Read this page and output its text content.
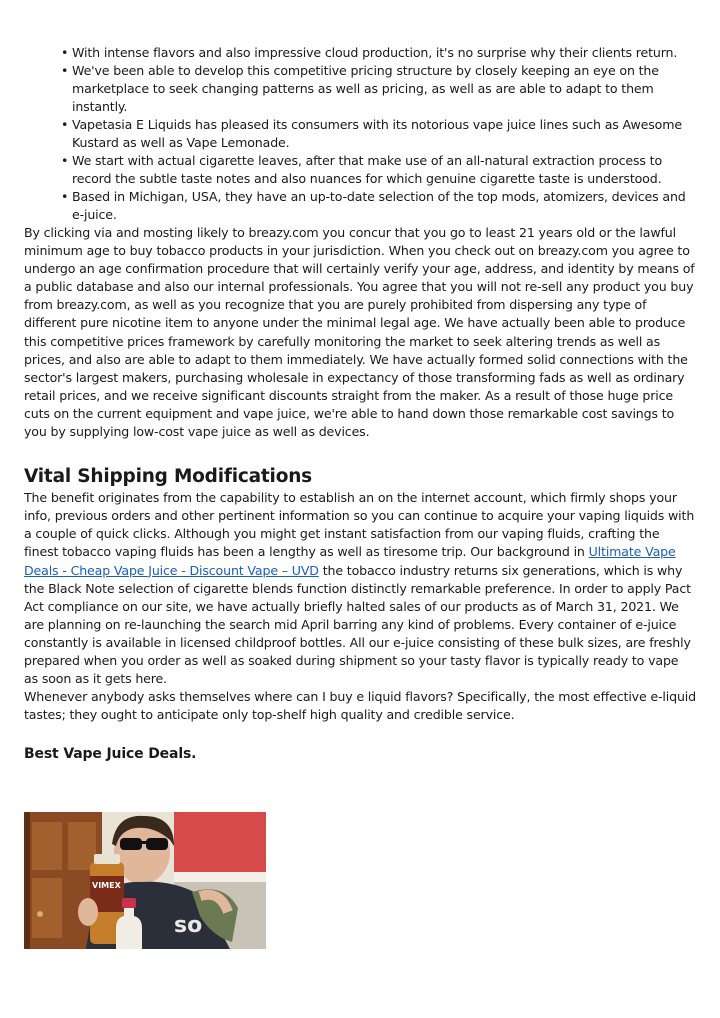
• With intense flavors and also impressive cloud production, it's no surprise why their clients return.
• We've been able to develop this competitive pricing structure by closely keeping an eye on the marketplace to seek changing patterns as well as pricing, as well as are able to adapt to them instantly.
• Vapetasia E Liquids has pleased its consumers with its notorious vape juice lines such as Awesome Kustard as well as Vape Lemonade.
• We start with actual cigarette leaves, after that make use of an all-natural extraction process to record the subtle taste notes and also nuances for which genuine cigarette taste is understood.
• Based in Michigan, USA, they have an up-to-date selection of the top mods, atomizers, devices and e-juice.

By clicking via and mosting likely to breazy.com you concur that you go to least 21 years old or the lawful minimum age to buy tobacco products in your jurisdiction. When you check out on breazy.com you agree to undergo an age confirmation procedure that will certainly verify your age, address, and identity by means of a public database and also our internal professionals. You agree that you will not re-sell any product you buy from breazy.com, as well as you recognize that you are purely prohibited from dispersing any type of different pure nicotine item to anyone under the minimal legal age. We have actually been able to produce this competitive prices framework by carefully monitoring the market to seek altering trends as well as prices, and also are able to adapt to them immediately. We have actually formed solid connections with the sector's largest makers, purchasing wholesale in expectancy of those transforming fads as well as ordinary retail prices, and we receive significant discounts straight from the maker. As a result of those huge price cuts on the current equipment and vape juice, we're able to hand down those remarkable cost savings to you by supplying low-cost vape juice as well as devices.

Vital Shipping Modifications

The benefit originates from the capability to establish an on the internet account, which firmly shops your info, previous orders and other pertinent information so you can continue to acquire your vaping liquids with a couple of quick clicks. Although you might get instant satisfaction from our vaping fluids, crafting the finest tobacco vaping fluids has been a lengthy as well as tiresome trip. Our background in Ultimate Vape Deals - Cheap Vape Juice - Discount Vape – UVD the tobacco industry returns six generations, which is why the Black Note selection of cigarette blends function distinctly remarkable preference. In order to apply Pact Act compliance on our site, we have actually briefly halted sales of our products as of March 31, 2021. We are planning on re-launching the search mid April barring any kind of problems. Every container of e-juice constantly is available in licensed childproof bottles. All our e-juice consisting of these bulk sizes, are freshly prepared when you order as well as soaked during shipment so your tasty flavor is typically ready to vape as soon as it gets here.

Whenever anybody asks themselves where can I buy e liquid flavors? Specifically, the most effective e-liquid tastes; they ought to anticipate only top-shelf high quality and credible service.

Best Vape Juice Deals.
so
VIMEX
